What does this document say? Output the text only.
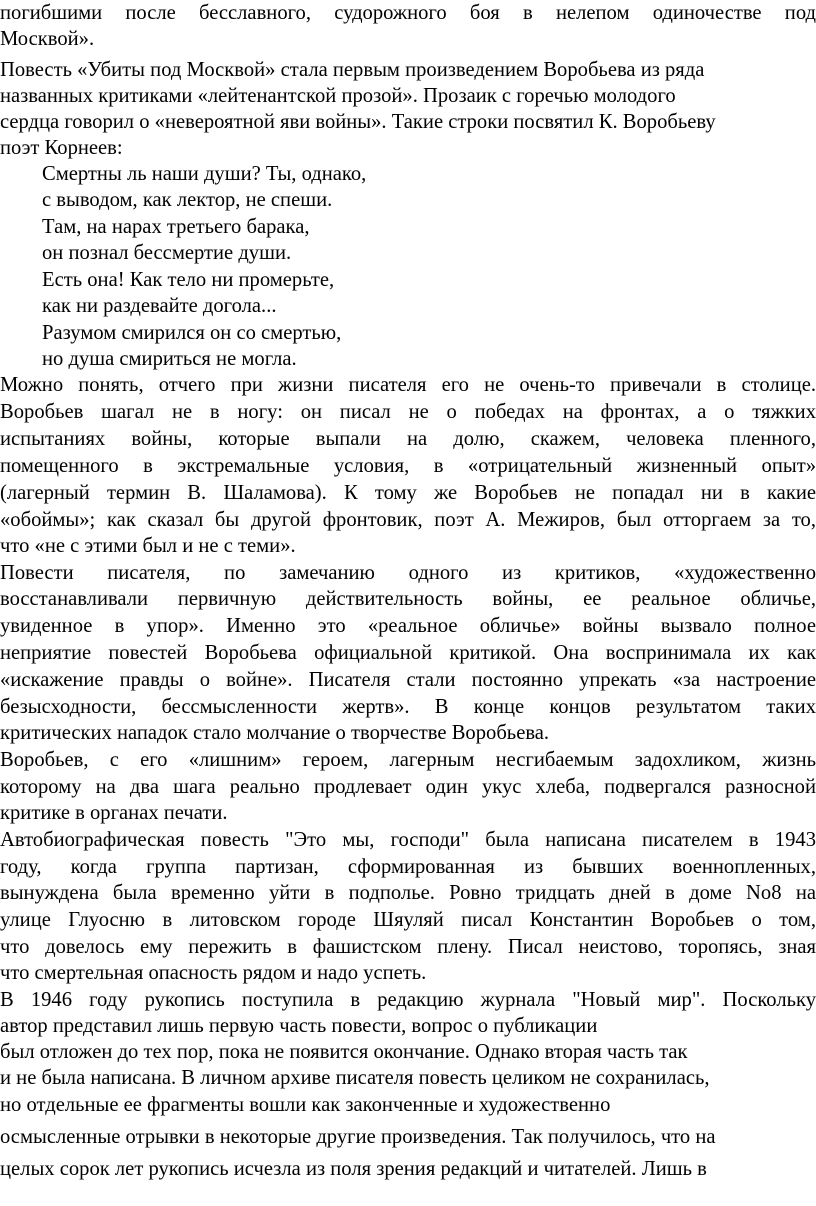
погибшими после бесславного, судорожного боя в нелепом одиночестве под
Москвой».
Повесть «Убиты под Москвой» стала первым произведением Воробьева из ряда
названных критиками «лейтенантской прозой». Прозаик с горечью молодого
сердца говорил о «невероятной яви войны». Такие строки посвятил К. Воробьеву
поэт Корнеев:
Смертны ль наши души? Ты, однако,
с выводом, как лектор, не спеши.
Там, на нарах третьего барака,
он познал бессмертие души.
Есть она! Как тело ни промерьте,
как ни раздевайте догола...
Разумом смирился он со смертью,
но душа смириться не могла.
Можно понять, отчего при жизни писателя его не очень-то привечали в столице.
Воробьев шагал не в ногу: он писал не о победах на фронтах, а о тяжких
испытаниях войны, которые выпали на долю, скажем, человека пленного,
помещенного в экстремальные условия, в «отрицательный жизненный опыт»
(лагерный термин В. Шаламова). К тому же Воробьев не попадал ни в какие
«обоймы»; как сказал бы другой фронтовик, поэт А. Межиров, был отторгаем за то,
что «не с этими был и не с теми».
Повести писателя, по замечанию одного из критиков, «художественно
восстанавливали первичную действительность войны, ее реальное обличье,
увиденное в упор». Именно это «реальное обличье» войны вызвало полное
неприятие повестей Воробьева официальной критикой. Она воспринимала их как
«искажение правды о войне». Писателя стали постоянно упрекать «за настроение
безысходности, бессмысленности жертв». В конце концов результатом таких
критических нападок стало молчание о творчестве Воробьева.
Воробьев, с его «лишним» героем, лагерным несгибаемым задохликом, жизнь
которому на два шага реально продлевает один укус хлеба, подвергался разносной
критике в органах печати.
Автобиографическая повесть "Это мы, господи" была написана писателем в 1943
году, когда группа партизан, сформированная из бывших военнопленных,
вынуждена была временно уйти в подполье. Ровно тридцать дней в доме No8 на
улице Глуосню в литовском городе Шяуляй писал Константин Воробьев о том,
что довелось ему пережить в фашистском плену. Писал неистово, торопясь, зная
что смертельная опасность рядом и надо успеть.
В 1946 году рукопись поступила в редакцию журнала "Новый мир". Поскольку
автор представил лишь первую часть повести, вопрос о публикации
был отложен до тех пор, пока не появится окончание. Однако вторая часть так
и не была написана. В личном архиве писателя повесть целиком не сохранилась,
но отдельные ее фрагменты вошли как законченные и художественно
осмысленные отрывки в некоторые другие произведения. Так получилось, что на
целых сорок лет рукопись исчезла из поля зрения редакций и читателей. Лишь в
